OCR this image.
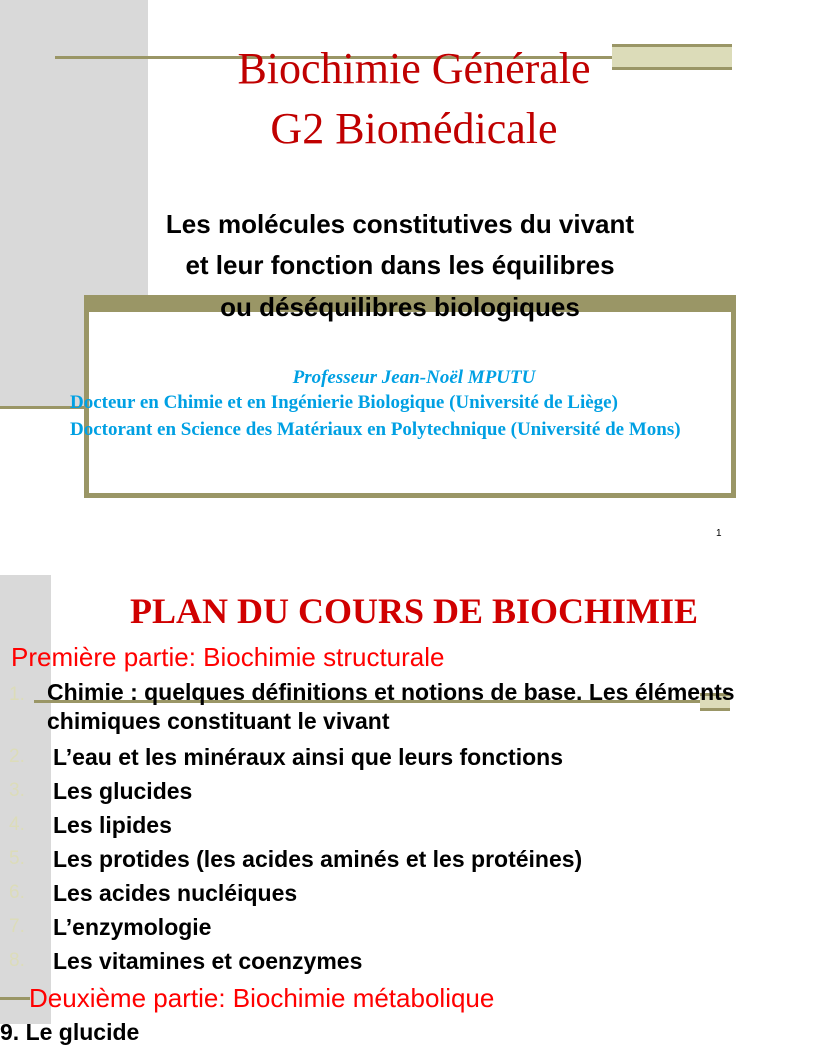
Biochimie Générale
G2 Biomédicale
Les molécules constitutives du vivant
et leur fonction dans les équilibres
ou déséquilibres biologiques
Professeur Jean-Noël MPUTU
Docteur en Chimie et en Ingénierie Biologique (Université de Liège)
Doctorant en Science des Matériaux en Polytechnique (Université de Mons)
1
PLAN DU COURS DE BIOCHIMIE
Première partie: Biochimie structurale
1. Chimie : quelques définitions et notions de base. Les éléments chimiques constituant le vivant
2. L’eau et les minéraux ainsi que leurs fonctions
3. Les glucides
4. Les lipides
5. Les protides (les acides aminés et les protéines)
6. Les acides nucléiques
7. L’enzymologie
8. Les vitamines et coenzymes
Deuxième partie: Biochimie métabolique
9. Le glucide
